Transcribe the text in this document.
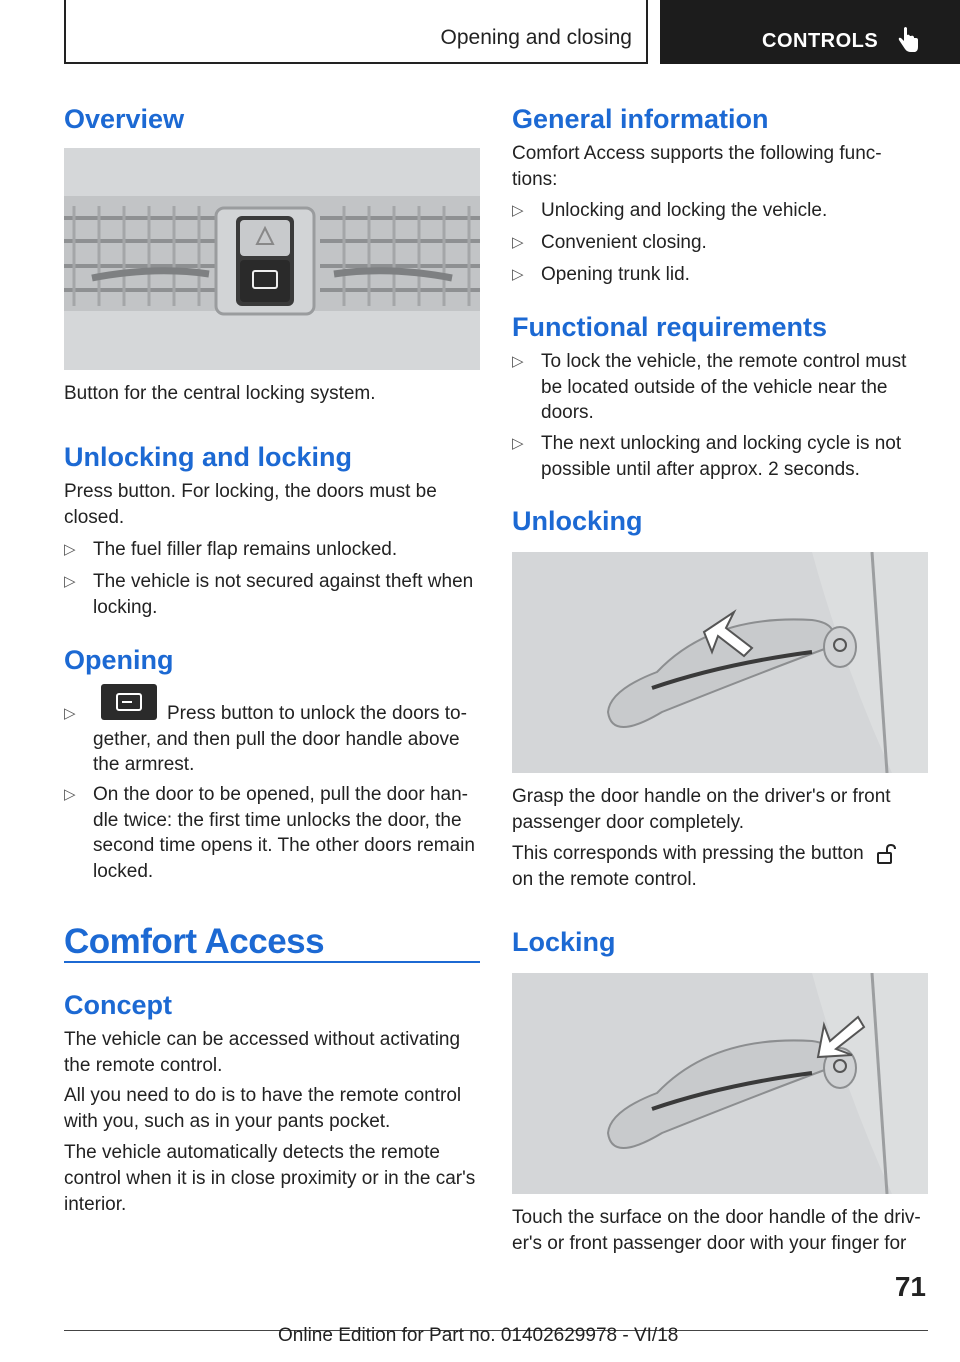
Opening and closing	CONTROLS
Overview

Button for the central locking system.

Unlocking and locking

Press button. For locking, the doors must be closed.

▷ The fuel filler flap remains unlocked.
▷ The vehicle is not secured against theft when locking.
Opening
▷	Press button to unlock the doors to-gether, and then pull the door handle above the armrest.
▷ On the door to be opened, pull the door han-dle twice: the first time unlocks the door, the second time opens it. The other doors remain locked.
Comfort Access
Concept

The vehicle can be accessed without activating the remote control.

All you need to do is to have the remote control with you, such as in your pants pocket.

The vehicle automatically detects the remote control when it is in close proximity or in the car's interior.

General information

Comfort Access supports the following func-tions:

▷ Unlocking and locking the vehicle.
▷ Convenient closing.
▷ Opening trunk lid.
Functional requirements
▷ To lock the vehicle, the remote control must be located outside of the vehicle near the doors.
▷ The next unlocking and locking cycle is not possible until after approx. 2 seconds.
Unlocking

Grasp the door handle on the driver's or front passenger door completely.

This corresponds with pressing the button
on the remote control.

Locking

Touch the surface on the door handle of the driv-er's or front passenger door with your finger for

71
Online Edition for Part no. 01402629978 - VI/18
